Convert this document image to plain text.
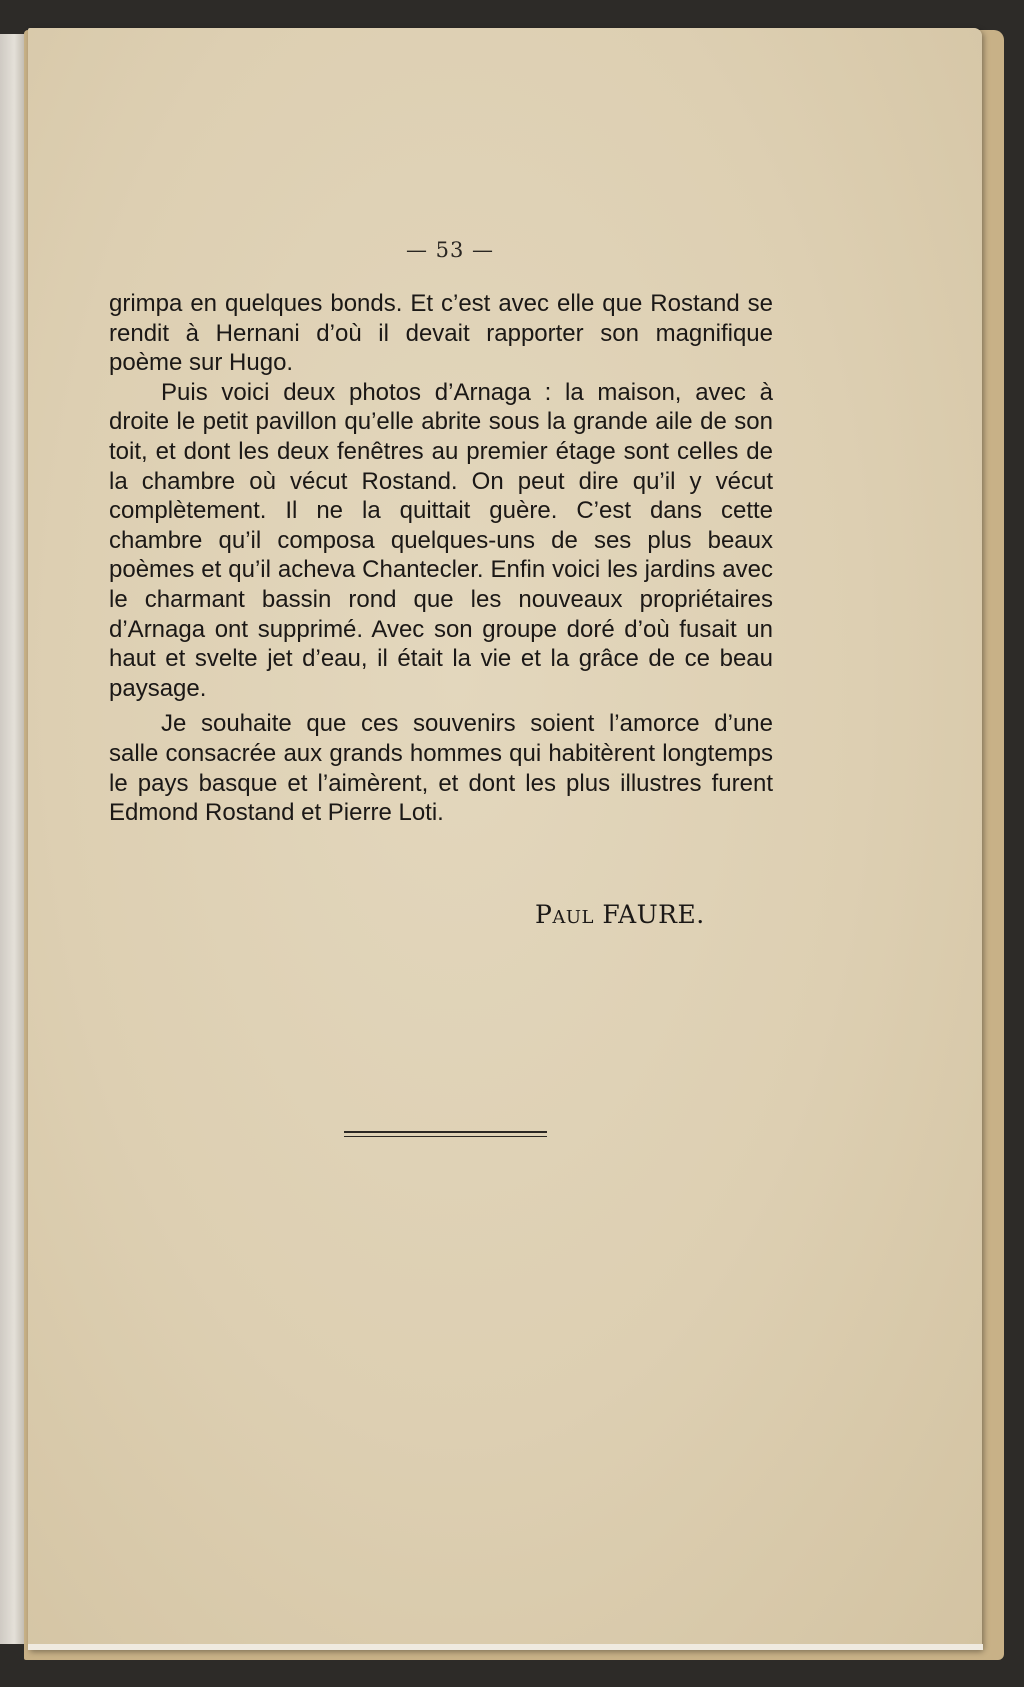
— 53 —

grimpa en quelques bonds. Et c’est avec elle que Rostand se rendit à Hernani d’où il devait rapporter son magnifique poème sur Hugo.

Puis voici deux photos d’Arnaga : la maison, avec à droite le petit pavillon qu’elle abrite sous la grande aile de son toit, et dont les deux fenêtres au premier étage sont celles de la chambre où vécut Rostand. On peut dire qu’il y vécut complètement. Il ne la quittait guère. C’est dans cette chambre qu’il composa quelques-uns de ses plus beaux poèmes et qu’il acheva Chantecler. Enfin voici les jardins avec le charmant bassin rond que les nouveaux propriétaires d’Arnaga ont supprimé. Avec son groupe doré d’où fusait un haut et svelte jet d’eau, il était la vie et la grâce de ce beau paysage.

Je souhaite que ces souvenirs soient l’amorce d’une salle consacrée aux grands hommes qui habitèrent longtemps le pays basque et l’aimèrent, et dont les plus illustres furent Edmond Rostand et Pierre Loti.

Paul FAURE.
